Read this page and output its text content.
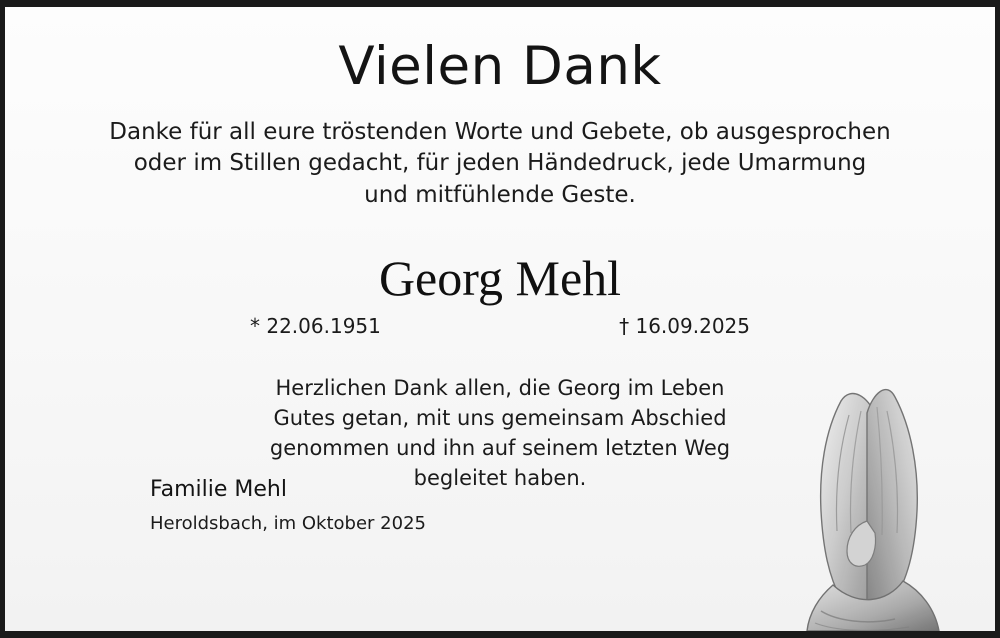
Vielen Dank
Danke für all eure tröstenden Worte und Gebete, ob ausgesprochen
oder im Stillen gedacht, für jeden Händedruck, jede Umarmung
und mitfühlende Geste.
Georg Mehl
* 22.06.1951	† 16.09.2025
Herzlichen Dank allen, die Georg im Leben
Gutes getan, mit uns gemeinsam Abschied
genommen und ihn auf seinem letzten Weg
begleitet haben.
Familie Mehl
Heroldsbach, im Oktober 2025
